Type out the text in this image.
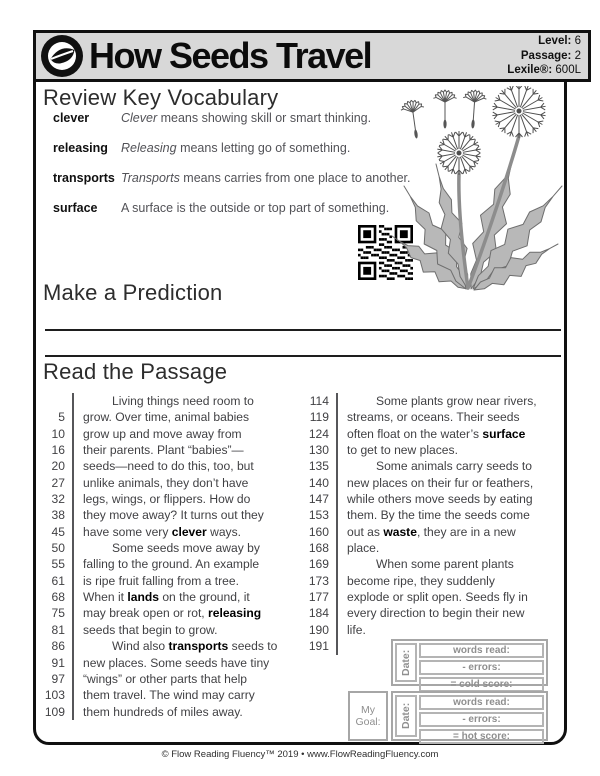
How Seeds Travel	Level: 6
Passage: 2
Lexile®: 600L
Review Key Vocabulary
clever	Clever means showing skill or smart thinking.
releasing	Releasing means letting go of something.
transports Transports means carries from one place to another.
surface	A surface is the outside or top part of something.
Make a Prediction
Read the Passage
Living things need room to
5	grow. Over time, animal babies
10	grow up and move away from
16	their parents. Plant “babies”—
20	seeds—need to do this, too, but
27	unlike animals, they don’t have
32	legs, wings, or flippers. How do
38	they move away? It turns out they
45	have some very clever ways.
50	Some seeds move away by
55	falling to the ground. An example
61	is ripe fruit falling from a tree.
68	When it lands on the ground, it
75	may break open or rot, releasing
81	seeds that begin to grow.
86	Wind also transports seeds to
91	new places. Some seeds have tiny
97	“wings” or other parts that help
103	them travel. The wind may carry
109	them hundreds of miles away.
114	Some plants grow near rivers,
119	streams, or oceans. Their seeds
124	often float on the water’s surface
130	to get to new places.
135	Some animals carry seeds to
140	new places on their fur or feathers,
147	while others move seeds by eating
153	them. By the time the seeds come
160	out as waste, they are in a new
168	place.
169	When some parent plants
173	become ripe, they suddenly
177	explode or split open. Seeds fly in
184	every direction to begin their new
190	life.
191
Date:	words read:
- errors:
= cold score:
My Goal:	Date:
words read:
- errors:
= hot score:
© Flow Reading Fluency™ 2019 • www.FlowReadingFluency.com
